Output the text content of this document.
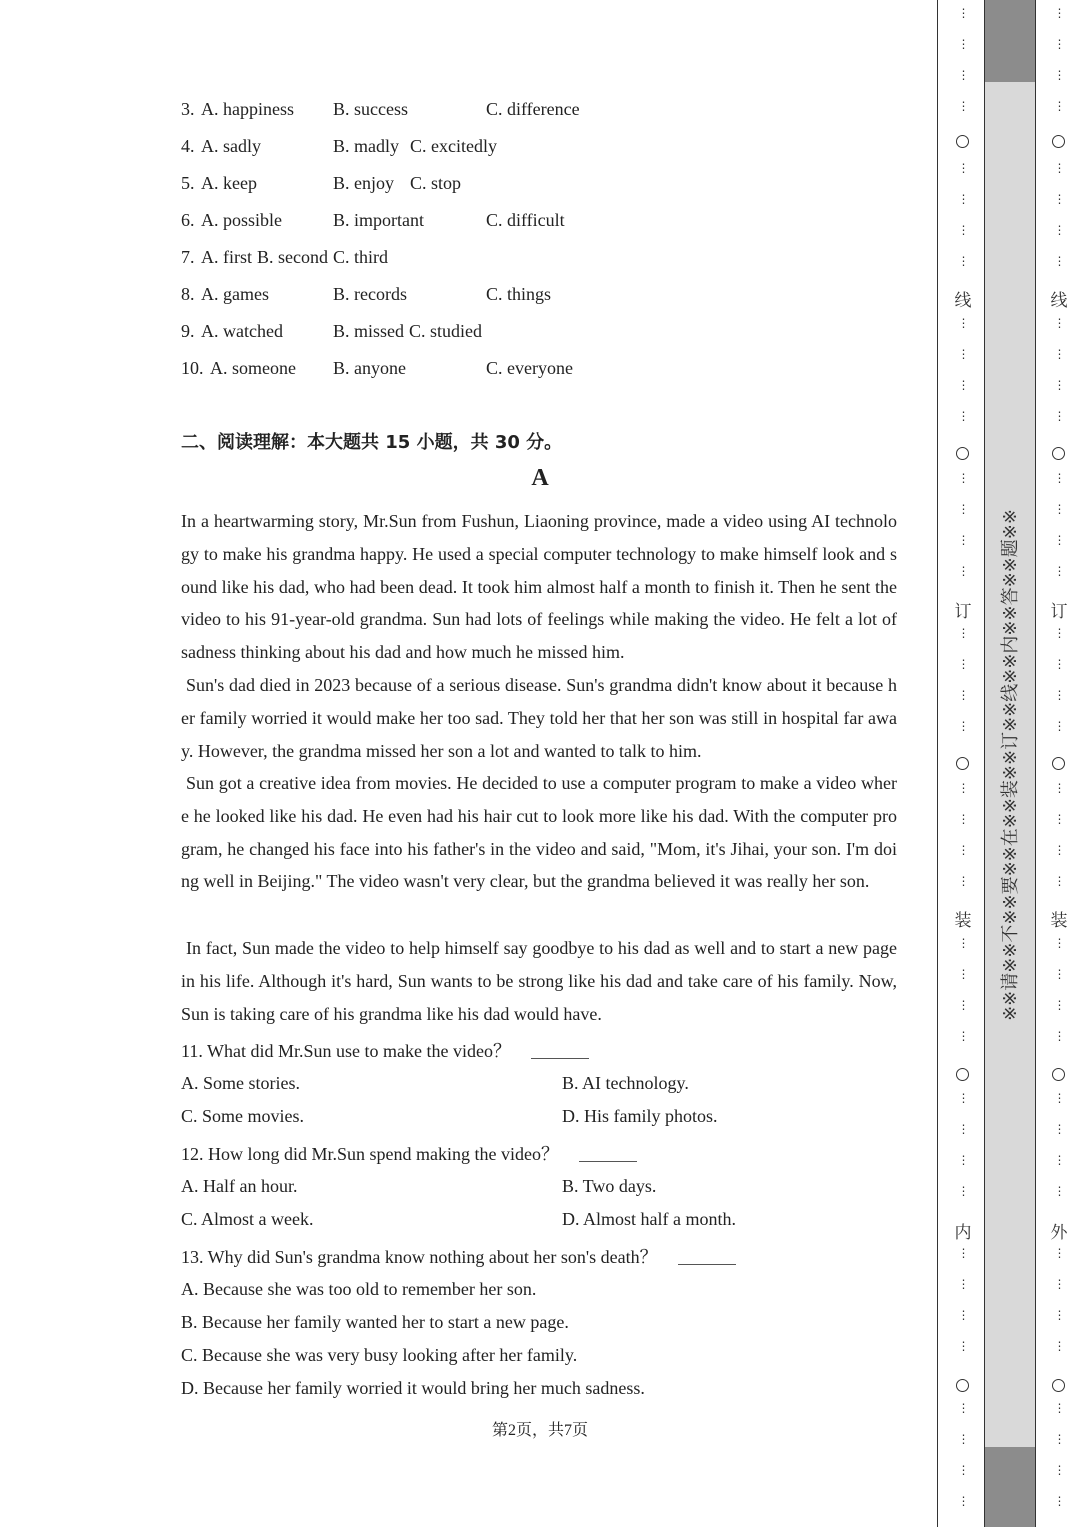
3. A. happiness B. success	C. difference
4. A. sadly	B. madly C. excitedly
5. A. keep	B. enjoy C. stop
6. A. possible	B. important	C. difficult
7. A. first B. second C. third
8. A. games	B. records	C. things
9. A. watched	B. missed C. studied
10. A. someone B. anyone	C. everyone
二、阅读理解：本大题共 15 小题，共 30 分。
A
In a heartwarming story, Mr.Sun from Fushun, Liaoning province, made a video using AI technology to make his grandma happy. He used a special computer technology to make himself look and sound like his dad, who had been dead. It took him almost half a month to finish it. Then he sent the video to his 91-year-old grandma. Sun had lots of feelings while making the video. He felt a lot of sadness thinking about his dad and how much he missed him.
Sun's dad died in 2023 because of a serious disease. Sun's grandma didn't know about it because her family worried it would make her too sad. They told her that her son was still in hospital far away. However, the grandma missed her son a lot and wanted to talk to him.
Sun got a creative idea from movies. He decided to use a computer program to make a video where he looked like his dad. He even had his hair cut to look more like his dad. With the computer program, he changed his face into his father's in the video and said, "Mom, it's Jihai, your son. I'm doing well in Beijing." The video wasn't very clear, but the grandma believed it was really her son.
In fact, Sun made the video to help himself say goodbye to his dad as well and to start a new page in his life. Although it's hard, Sun wants to be strong like his dad and take care of his family. Now, Sun is taking care of his grandma like his dad would have.
11. What did Mr.Sun use to make the video？
A. Some stories.	B. AI technology.
C. Some movies.	D. His family photos.
12. How long did Mr.Sun spend making the video？
A. Half an hour.	B. Two days.
C. Almost a week.	D. Almost half a month.
13. Why did Sun's grandma know nothing about her son's death？
A. Because she was too old to remember her son.
B. Because her family wanted her to start a new page.
C. Because she was very busy looking after her family.
D. Because her family worried it would bring her much sadness.
第2页，共7页
※※请※※不※※要※※在※※装※※订※※线※※内※※答※※题※※
线
订
装
内
⋮
⋮
⋮
⋮
⋮
⋮
⋮
⋮
⋮
⋮
⋮
⋮
⋮
⋮
⋮
⋮
⋮
⋮
⋮
⋮
⋮
⋮
⋮
⋮
⋮
⋮
⋮
⋮
⋮
⋮
⋮
⋮
⋮
⋮
⋮
⋮
⋮
⋮
⋮
⋮
线
订
装
外
⋮
⋮
⋮
⋮
⋮
⋮
⋮
⋮
⋮
⋮
⋮
⋮
⋮
⋮
⋮
⋮
⋮
⋮
⋮
⋮
⋮
⋮
⋮
⋮
⋮
⋮
⋮
⋮
⋮
⋮
⋮
⋮
⋮
⋮
⋮
⋮
⋮
⋮
⋮
⋮
